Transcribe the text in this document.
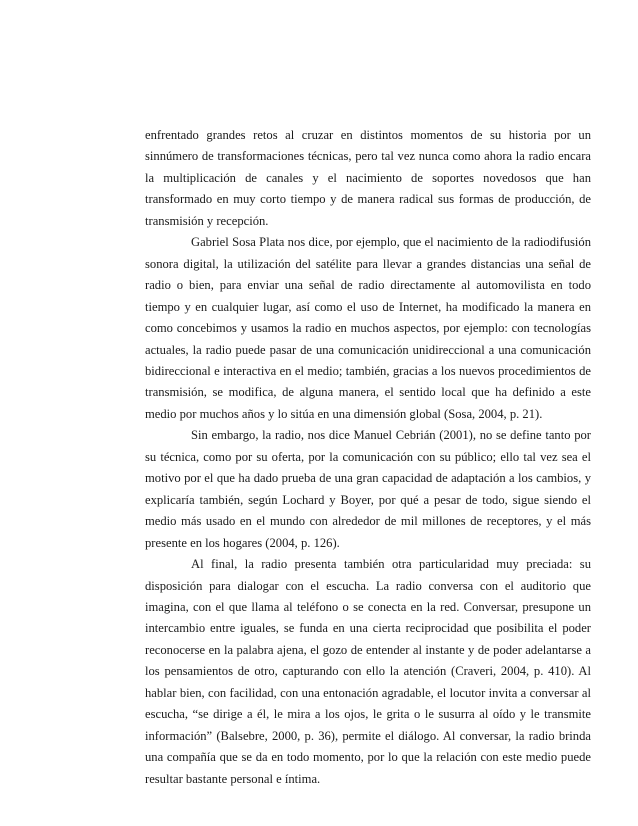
enfrentado grandes retos al cruzar en distintos momentos de su historia por un sinnúmero de transformaciones técnicas, pero tal vez nunca como ahora la radio encara la multiplicación de canales y el nacimiento de soportes novedosos que han transformado en muy corto tiempo y de manera radical sus formas de producción, de transmisión y recepción.

Gabriel Sosa Plata nos dice, por ejemplo, que el nacimiento de la radiodifusión sonora digital, la utilización del satélite para llevar a grandes distancias una señal de radio o bien, para enviar una señal de radio directamente al automovilista en todo tiempo y en cualquier lugar, así como el uso de Internet, ha modificado la manera en como concebimos y usamos la radio en muchos aspectos, por ejemplo: con tecnologías actuales, la radio puede pasar de una comunicación unidireccional a una comunicación bidireccional e interactiva en el medio; también, gracias a los nuevos procedimientos de transmisión, se modifica, de alguna manera, el sentido local que ha definido a este medio por muchos años y lo sitúa en una dimensión global (Sosa, 2004, p. 21).

Sin embargo, la radio, nos dice Manuel Cebrián (2001), no se define tanto por su técnica, como por su oferta, por la comunicación con su público; ello tal vez sea el motivo por el que ha dado prueba de una gran capacidad de adaptación a los cambios, y explicaría también, según Lochard y Boyer, por qué a pesar de todo, sigue siendo el medio más usado en el mundo con alrededor de mil millones de receptores, y el más presente en los hogares (2004, p. 126).

Al final, la radio presenta también otra particularidad muy preciada: su disposición para dialogar con el escucha. La radio conversa con el auditorio que imagina, con el que llama al teléfono o se conecta en la red. Conversar, presupone un intercambio entre iguales, se funda en una cierta reciprocidad que posibilita el poder reconocerse en la palabra ajena, el gozo de entender al instante y de poder adelantarse a los pensamientos de otro, capturando con ello la atención (Craveri, 2004, p. 410). Al hablar bien, con facilidad, con una entonación agradable, el locutor invita a conversar al escucha, “se dirige a él, le mira a los ojos, le grita o le susurra al oído y le transmite información” (Balsebre, 2000, p. 36), permite el diálogo. Al conversar, la radio brinda una compañía que se da en todo momento, por lo que la relación con este medio puede resultar bastante personal e íntima.
